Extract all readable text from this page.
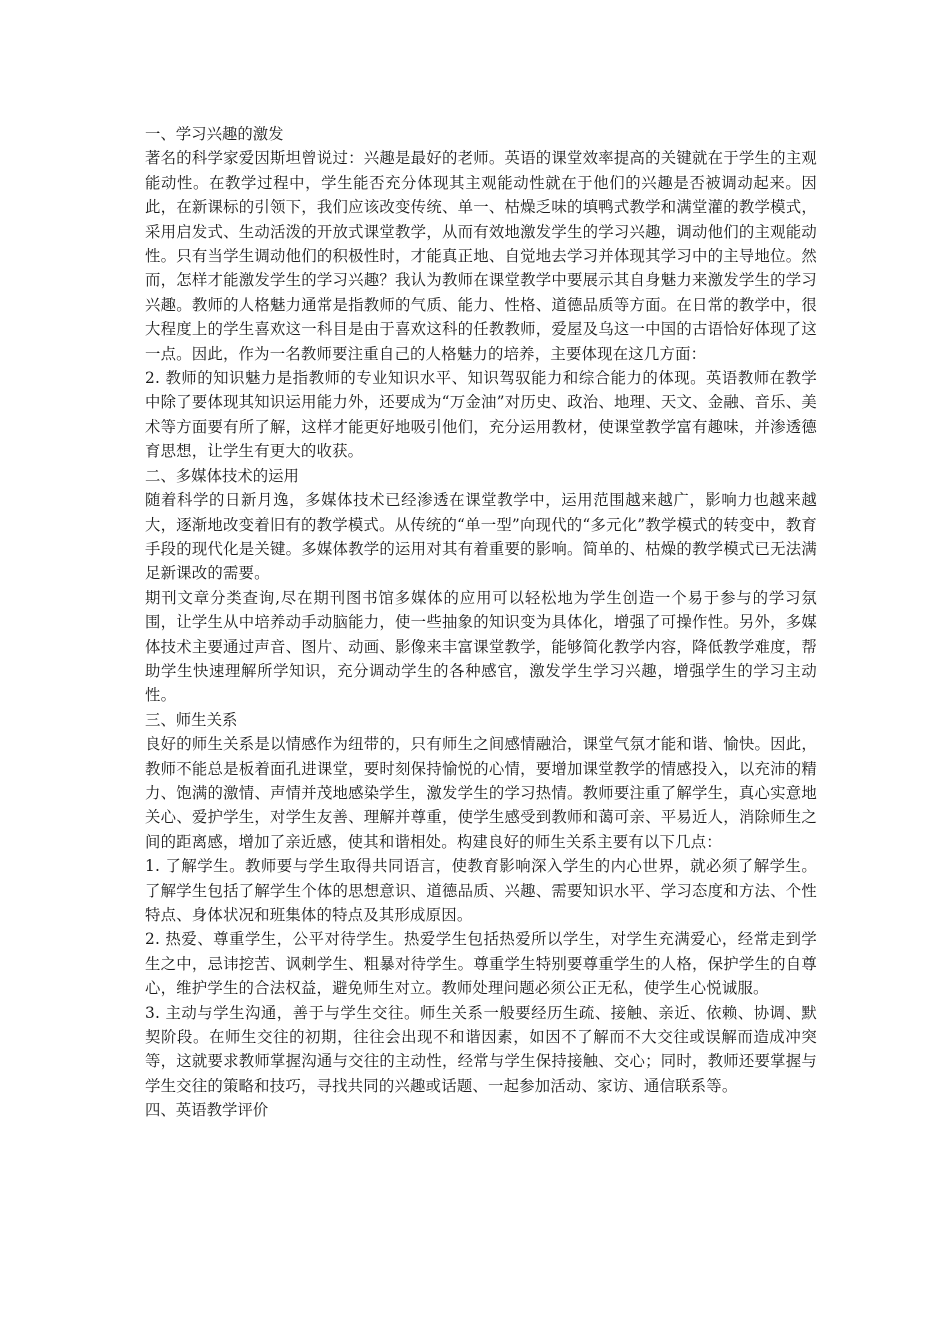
一、学习兴趣的激发

著名的科学家爱因斯坦曾说过：兴趣是最好的老师。英语的课堂效率提高的关键就在于学生的主观能动性。在教学过程中，学生能否充分体现其主观能动性就在于他们的兴趣是否被调动起来。因此，在新课标的引领下，我们应该改变传统、单一、枯燥乏味的填鸭式教学和满堂灌的教学模式，采用启发式、生动活泼的开放式课堂教学，从而有效地激发学生的学习兴趣，调动他们的主观能动性。只有当学生调动他们的积极性时，才能真正地、自觉地去学习并体现其学习中的主导地位。然而，怎样才能激发学生的学习兴趣？我认为教师在课堂教学中要展示其自身魅力来激发学生的学习兴趣。教师的人格魅力通常是指教师的气质、能力、性格、道德品质等方面。在日常的教学中，很大程度上的学生喜欢这一科目是由于喜欢这科的任教教师，爱屋及乌这一中国的古语恰好体现了这一点。因此，作为一名教师要注重自己的人格魅力的培养，主要体现在这几方面：

2. 教师的知识魅力是指教师的专业知识水平、知识驾驭能力和综合能力的体现。英语教师在教学中除了要体现其知识运用能力外，还要成为“万金油”对历史、政治、地理、天文、金融、音乐、美术等方面要有所了解，这样才能更好地吸引他们，充分运用教材，使课堂教学富有趣味，并渗透德育思想，让学生有更大的收获。

二、多媒体技术的运用

随着科学的日新月逸，多媒体技术已经渗透在课堂教学中，运用范围越来越广，影响力也越来越大，逐渐地改变着旧有的教学模式。从传统的“单一型”向现代的“多元化”教学模式的转变中，教育手段的现代化是关键。多媒体教学的运用对其有着重要的影响。简单的、枯燥的教学模式已无法满足新课改的需要。

期刊文章分类查询,尽在期刊图书馆多媒体的应用可以轻松地为学生创造一个易于参与的学习氛围，让学生从中培养动手动脑能力，使一些抽象的知识变为具体化，增强了可操作性。另外，多媒体技术主要通过声音、图片、动画、影像来丰富课堂教学，能够简化教学内容，降低教学难度，帮助学生快速理解所学知识，充分调动学生的各种感官，激发学生学习兴趣，增强学生的学习主动性。

三、师生关系

良好的师生关系是以情感作为纽带的，只有师生之间感情融洽，课堂气氛才能和谐、愉快。因此，教师不能总是板着面孔进课堂，要时刻保持愉悦的心情，要增加课堂教学的情感投入，以充沛的精力、饱满的激情、声情并茂地感染学生，激发学生的学习热情。教师要注重了解学生，真心实意地关心、爱护学生，对学生友善、理解并尊重，使学生感受到教师和蔼可亲、平易近人，消除师生之间的距离感，增加了亲近感，使其和谐相处。构建良好的师生关系主要有以下几点：

1. 了解学生。教师要与学生取得共同语言，使教育影响深入学生的内心世界，就必须了解学生。了解学生包括了解学生个体的思想意识、道德品质、兴趣、需要知识水平、学习态度和方法、个性特点、身体状况和班集体的特点及其形成原因。

2. 热爱、尊重学生，公平对待学生。热爱学生包括热爱所以学生，对学生充满爱心，经常走到学生之中，忌讳挖苦、讽刺学生、粗暴对待学生。尊重学生特别要尊重学生的人格，保护学生的自尊心，维护学生的合法权益，避免师生对立。教师处理问题必须公正无私，使学生心悦诚服。

3. 主动与学生沟通，善于与学生交往。师生关系一般要经历生疏、接触、亲近、依赖、协调、默契阶段。在师生交往的初期，往往会出现不和谐因素，如因不了解而不大交往或误解而造成冲突等，这就要求教师掌握沟通与交往的主动性，经常与学生保持接触、交心；同时，教师还要掌握与学生交往的策略和技巧，寻找共同的兴趣或话题、一起参加活动、家访、通信联系等。

四、英语教学评价
